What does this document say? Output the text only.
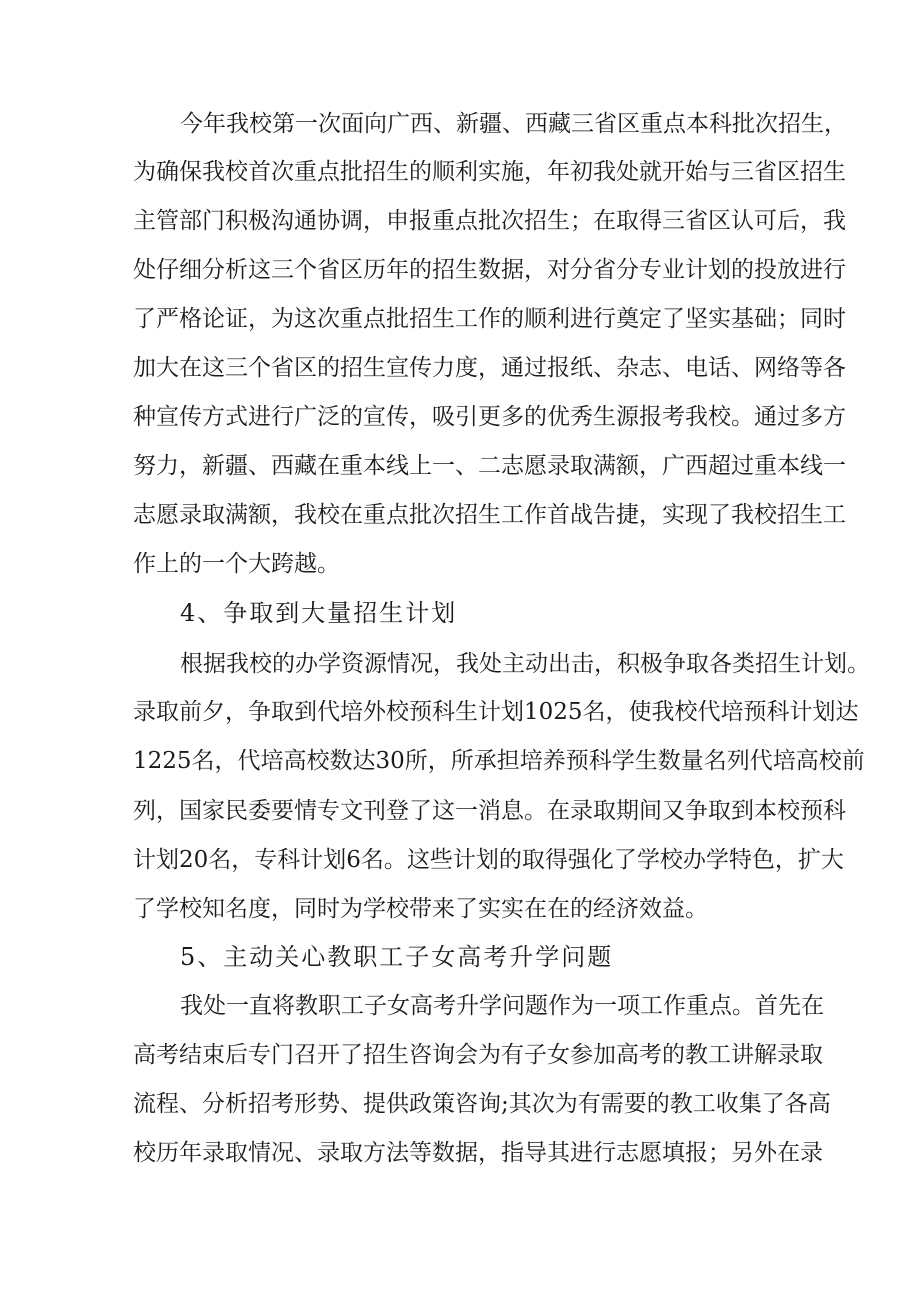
今年我校第一次面向广西、新疆、西藏三省区重点本科批次招生，
为确保我校首次重点批招生的顺利实施，年初我处就开始与三省区招生
主管部门积极沟通协调，申报重点批次招生；在取得三省区认可后，我
处仔细分析这三个省区历年的招生数据，对分省分专业计划的投放进行
了严格论证，为这次重点批招生工作的顺利进行奠定了坚实基础；同时
加大在这三个省区的招生宣传力度，通过报纸、杂志、电话、网络等各
种宣传方式进行广泛的宣传，吸引更多的优秀生源报考我校。通过多方
努力，新疆、西藏在重本线上一、二志愿录取满额，广西超过重本线一
志愿录取满额，我校在重点批次招生工作首战告捷，实现了我校招生工
作上的一个大跨越。
4、争取到大量招生计划
根据我校的办学资源情况，我处主动出击，积极争取各类招生计划。
录取前夕，争取到代培外校预科生计划1025名，使我校代培预科计划达
1225名，代培高校数达30所，所承担培养预科学生数量名列代培高校前
列，国家民委要情专文刊登了这一消息。在录取期间又争取到本校预科
计划20名，专科计划6名。这些计划的取得强化了学校办学特色，扩大
了学校知名度，同时为学校带来了实实在在的经济效益。
5、主动关心教职工子女高考升学问题
我处一直将教职工子女高考升学问题作为一项工作重点。首先在
高考结束后专门召开了招生咨询会为有子女参加高考的教工讲解录取
流程、分析招考形势、提供政策咨询;其次为有需要的教工收集了各高
校历年录取情况、录取方法等数据，指导其进行志愿填报；另外在录
